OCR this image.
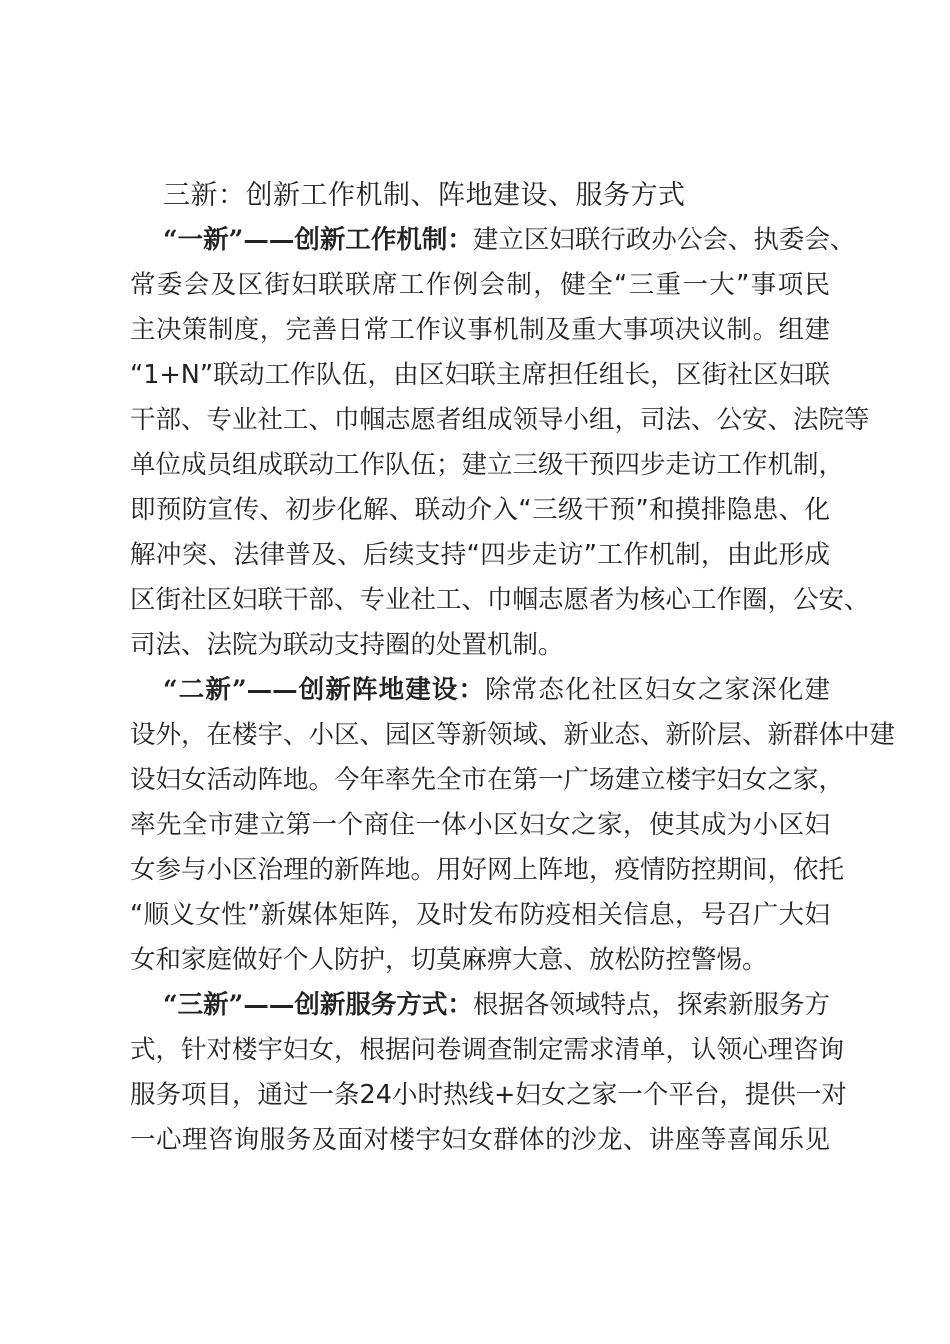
三新：创新工作机制、阵地建设、服务方式
“一新”——创新工作机制：建立区妇联行政办公会、执委会、
常委会及区街妇联联席工作例会制，健全“三重一大”事项民
主决策制度，完善日常工作议事机制及重大事项决议制。组建
“1+N”联动工作队伍，由区妇联主席担任组长，区街社区妇联
干部、专业社工、巾帼志愿者组成领导小组，司法、公安、法院等
单位成员组成联动工作队伍；建立三级干预四步走访工作机制，
即预防宣传、初步化解、联动介入“三级干预”和摸排隐患、化
解冲突、法律普及、后续支持“四步走访”工作机制，由此形成
区街社区妇联干部、专业社工、巾帼志愿者为核心工作圈，公安、
司法、法院为联动支持圈的处置机制。
“二新”——创新阵地建设：除常态化社区妇女之家深化建
设外，在楼宇、小区、园区等新领域、新业态、新阶层、新群体中建
设妇女活动阵地。今年率先全市在第一广场建立楼宇妇女之家，
率先全市建立第一个商住一体小区妇女之家，使其成为小区妇
女参与小区治理的新阵地。用好网上阵地，疫情防控期间，依托
“顺义女性”新媒体矩阵，及时发布防疫相关信息，号召广大妇
女和家庭做好个人防护，切莫麻痹大意、放松防控警惕。
“三新”——创新服务方式：根据各领域特点，探索新服务方
式，针对楼宇妇女，根据问卷调查制定需求清单，认领心理咨询
服务项目，通过一条24小时热线+妇女之家一个平台，提供一对
一心理咨询服务及面对楼宇妇女群体的沙龙、讲座等喜闻乐见
